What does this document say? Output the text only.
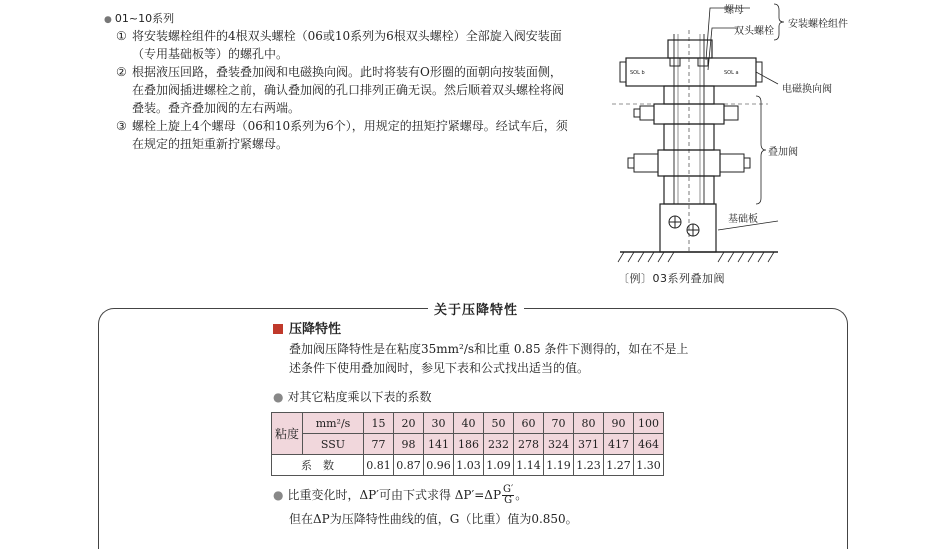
● 01~10系列
① 将安装螺栓组件的4根双头螺栓（06或10系列为6根双头螺栓）全部旋入阀安装面（专用基础板等）的螺孔中。
② 根据液压回路，叠装叠加阀和电磁换向阀。此时将装有O形圈的面朝向按装面侧，在叠加阀插进螺栓之前，确认叠加阀的孔口排列正确无误。然后顺着双头螺栓将阀叠装。叠齐叠加阀的左右两端。
③ 螺栓上旋上4个螺母（06和10系列为6个），用规定的扭矩拧紧螺母。经试车后，须在规定的扭矩重新拧紧螺母。
SOL b	SOL a
螺母
双头螺栓
安装螺栓组件
电磁换向阀
叠加阀
基础板
〔例〕03系列叠加阀
关于压降特性
压降特性
叠加阀压降特性是在粘度35mm²/s和比重 0.85 条件下测得的，如在不是上述条件下使用叠加阀时，参见下表和公式找出适当的值。
● 对其它粘度乘以下表的系数
粘度	mm²/s	15	20	30	40	50	60	70	80	90	100
	SSU	77	98	141	186	232	278	324	371	417	464
系　数		0.81	0.87	0.96	1.03	1.09	1.14	1.19	1.23	1.27	1.30
● 比重变化时，ΔP′可由下式求得 $\Delta P'=\Delta P \frac{G'}{G}$ 。
但在ΔP为压降特性曲线的值，G（比重）值为0.850。
